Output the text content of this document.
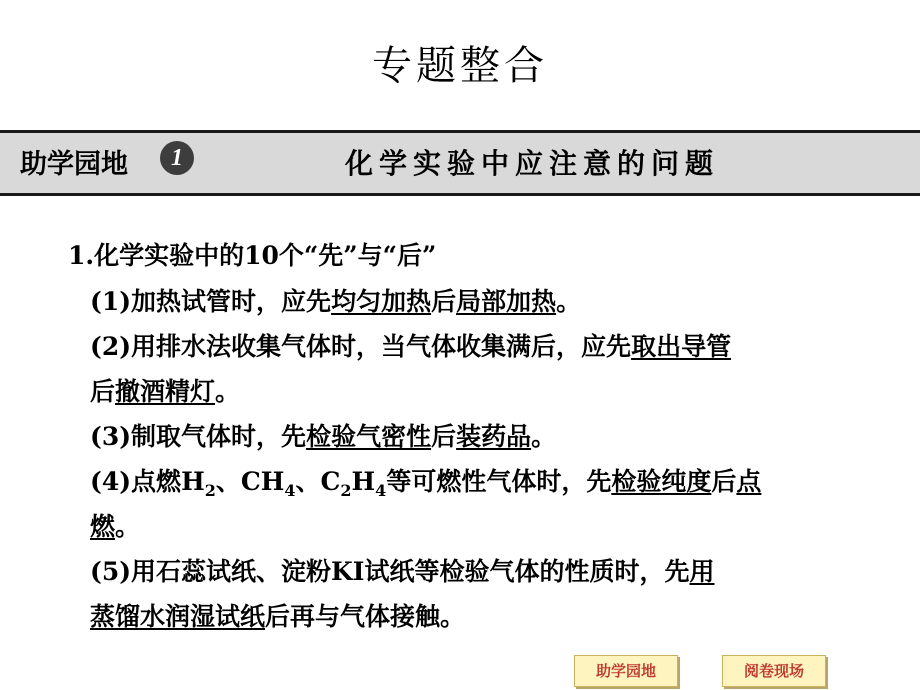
专题整合
助学园地	1	化学实验中应注意的问题
1.化学实验中的10个“先”与“后”
(1)加热试管时，应先均匀加热后局部加热。
(2)用排水法收集气体时，当气体收集满后，应先取出导管
后撤酒精灯。
(3)制取气体时，先检验气密性后装药品。
(4)点燃$H_2$、$CH_4$、$C_2H_4$等可燃性气体时，先检验纯度后点
燃。
(5)用石蕊试纸、淀粉KI试纸等检验气体的性质时，先用
蒸馏水润湿试纸后再与气体接触。
助学园地	阅卷现场
